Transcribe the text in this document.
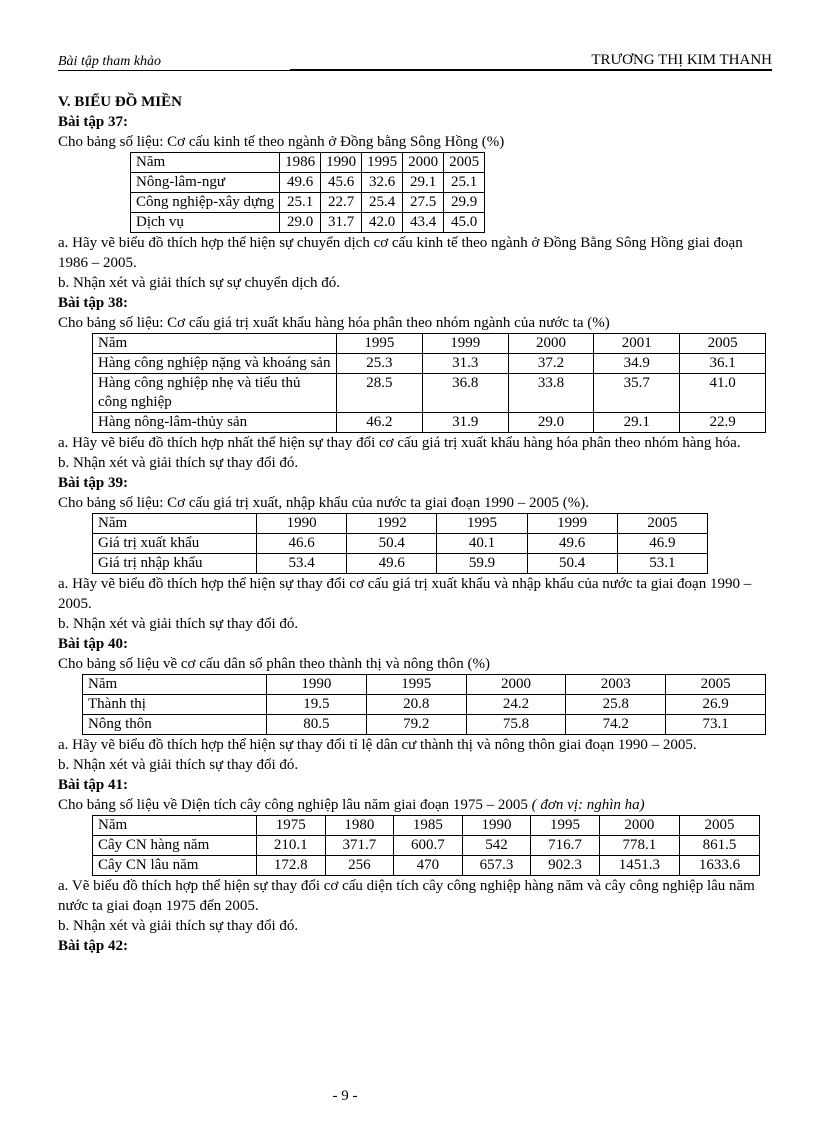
Bài tập tham khảo	TRƯƠNG THỊ KIM THANH
V. BIỂU ĐỒ MIỀN
Bài tập 37:

Cho bảng số liệu: Cơ cấu kinh tế theo ngành ở Đồng bằng Sông Hồng (%)

Năm	1986	1990	1995	2000	2005
Nông-lâm-ngư	49.6	45.6	32.6	29.1	25.1
Công nghiệp-xây dựng	25.1	22.7	25.4	27.5	29.9
Dịch vụ	29.0	31.7	42.0	43.4	45.0

a. Hãy vẽ biểu đồ thích hợp thể hiện sự chuyển dịch cơ cấu kinh tế theo ngành ở Đồng Bằng Sông Hồng giai đoạn 1986 – 2005.

b. Nhận xét và giải thích sự sự chuyển dịch đó.

Bài tập 38:

Cho bảng số liệu: Cơ cấu giá trị xuất khẩu hàng hóa phân theo nhóm ngành của nước ta (%)

Năm	1995	1999	2000	2001	2005
Hàng công nghiệp nặng và khoáng sản	25.3	31.3	37.2	34.9	36.1
Hàng công nghiệp nhẹ và tiểu thủ công nghiệp	28.5	36.8	33.8	35.7	41.0
Hàng nông-lâm-thủy sản	46.2	31.9	29.0	29.1	22.9

a. Hãy vẽ biểu đồ thích hợp nhất thể hiện sự thay đổi cơ cấu giá trị xuất khẩu hàng hóa phân theo nhóm hàng hóa.

b. Nhận xét và giải thích sự thay đổi đó.

Bài tập 39:

Cho bảng số liệu: Cơ cấu giá trị xuất, nhập khẩu của nước ta giai đoạn 1990 – 2005 (%).

Năm	1990	1992	1995	1999	2005
Giá trị xuất khẩu	46.6	50.4	40.1	49.6	46.9
Giá trị nhập khẩu	53.4	49.6	59.9	50.4	53.1

a. Hãy vẽ biểu đồ thích hợp thể hiện sự thay đổi cơ cấu giá trị xuất khẩu và nhập khẩu của nước ta giai đoạn 1990 – 2005.

b. Nhận xét và giải thích sự thay đổi đó.

Bài tập 40:

Cho bảng số liệu về cơ cấu dân số phân theo thành thị và nông thôn (%)

Năm	1990	1995	2000	2003	2005
Thành thị	19.5	20.8	24.2	25.8	26.9
Nông thôn	80.5	79.2	75.8	74.2	73.1

a. Hãy vẽ biểu đồ thích hợp thể hiện sự thay đổi tỉ lệ dân cư thành thị và nông thôn giai đoạn 1990 – 2005.

b. Nhận xét và giải thích sự thay đổi đó.

Bài tập 41:

Cho bảng số liệu về Diện tích cây công nghiệp lâu năm giai đoạn 1975 – 2005 ( đơn vị: nghìn ha)

Năm	1975	1980	1985	1990	1995	2000	2005
Cây CN hàng năm	210.1	371.7	600.7	542	716.7	778.1	861.5
Cây CN lâu năm	172.8	256	470	657.3	902.3	1451.3	1633.6

a. Vẽ biểu đồ thích hợp thể hiện sự thay đổi cơ cấu diện tích cây công nghiệp hàng năm và cây công nghiệp lâu năm nước ta giai đoạn 1975 đến 2005.

b. Nhận xét và giải thích sự thay đổi đó.

Bài tập 42:
- 9 -
